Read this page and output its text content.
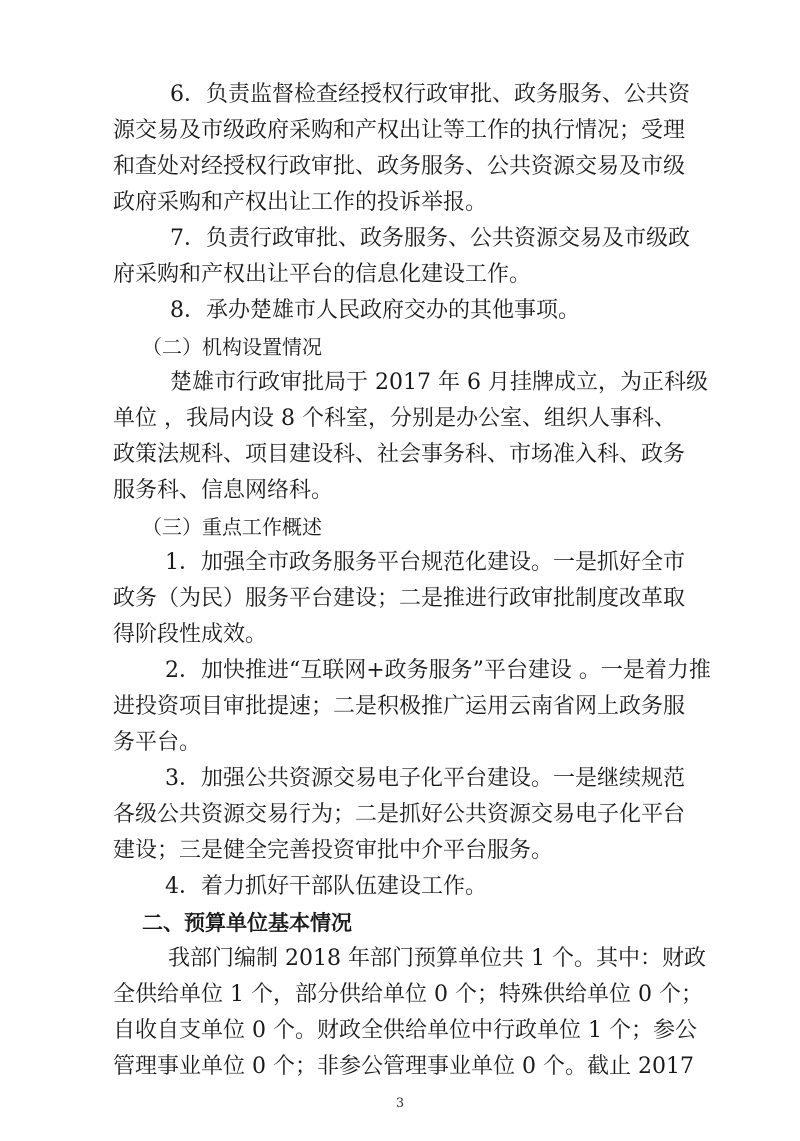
6．负责监督检查经授权行政审批、政务服务、公共资
源交易及市级政府采购和产权出让等工作的执行情况；受理
和查处对经授权行政审批、政务服务、公共资源交易及市级
政府采购和产权出让工作的投诉举报。
7．负责行政审批、政务服务、公共资源交易及市级政
府采购和产权出让平台的信息化建设工作。
8．承办楚雄市人民政府交办的其他事项。
（二）机构设置情况
楚雄市行政审批局于 2017 年 6 月挂牌成立，为正科级
单位 ，我局内设 8 个科室，分别是办公室、组织人事科、
政策法规科、项目建设科、社会事务科、市场准入科、政务
服务科、信息网络科。
（三）重点工作概述
1．加强全市政务服务平台规范化建设。一是抓好全市
政务（为民）服务平台建设；二是推进行政审批制度改革取
得阶段性成效。
2．加快推进“互联网+政务服务”平台建设 。一是着力推
进投资项目审批提速；二是积极推广运用云南省网上政务服
务平台。
3．加强公共资源交易电子化平台建设。一是继续规范
各级公共资源交易行为；二是抓好公共资源交易电子化平台
建设；三是健全完善投资审批中介平台服务。
4．着力抓好干部队伍建设工作。
二、预算单位基本情况
我部门编制 2018 年部门预算单位共 1 个。其中：财政
全供给单位 1 个，部分供给单位 0 个；特殊供给单位 0 个；
自收自支单位 0 个。财政全供给单位中行政单位 1 个；参公
管理事业单位 0 个；非参公管理事业单位 0 个。截止 2017
3
